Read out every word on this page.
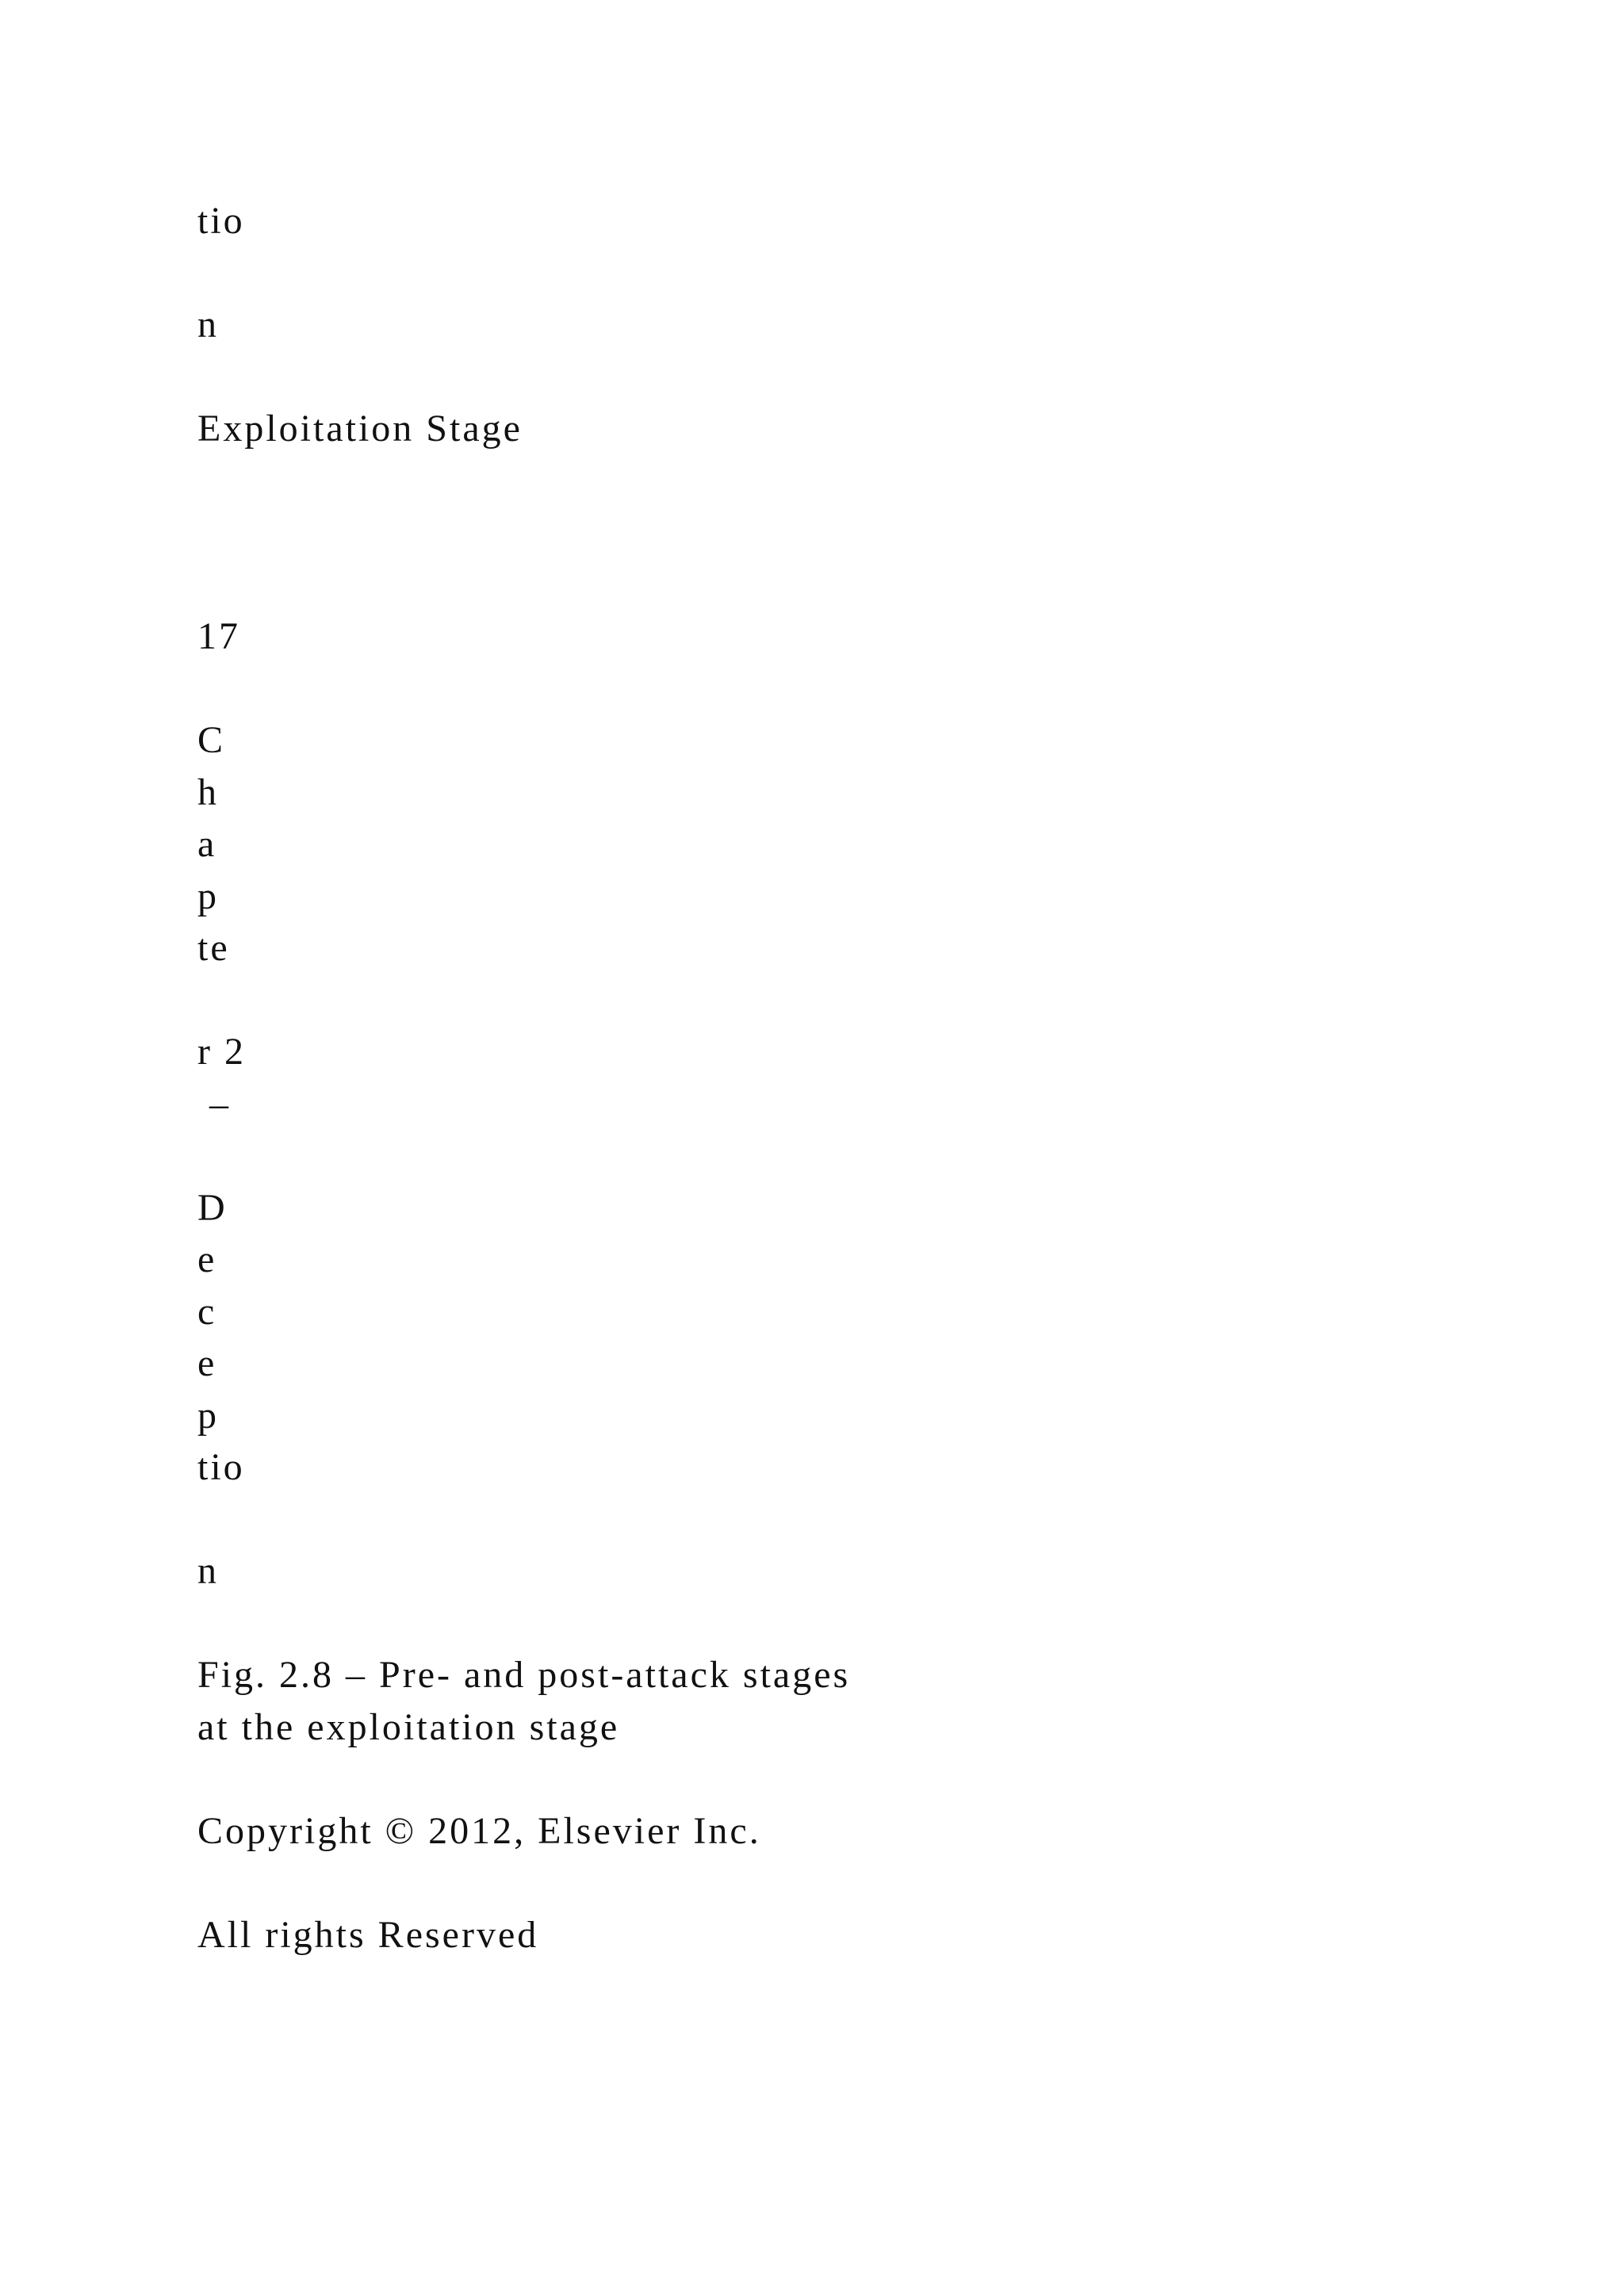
tio
n
Exploitation Stage
17
C
h
a
p
te
r 2
–
D
e
c
e
p
tio
n
Fig. 2.8 – Pre- and post-attack stages
at the exploitation stage
Copyright © 2012, Elsevier Inc.
All rights Reserved
